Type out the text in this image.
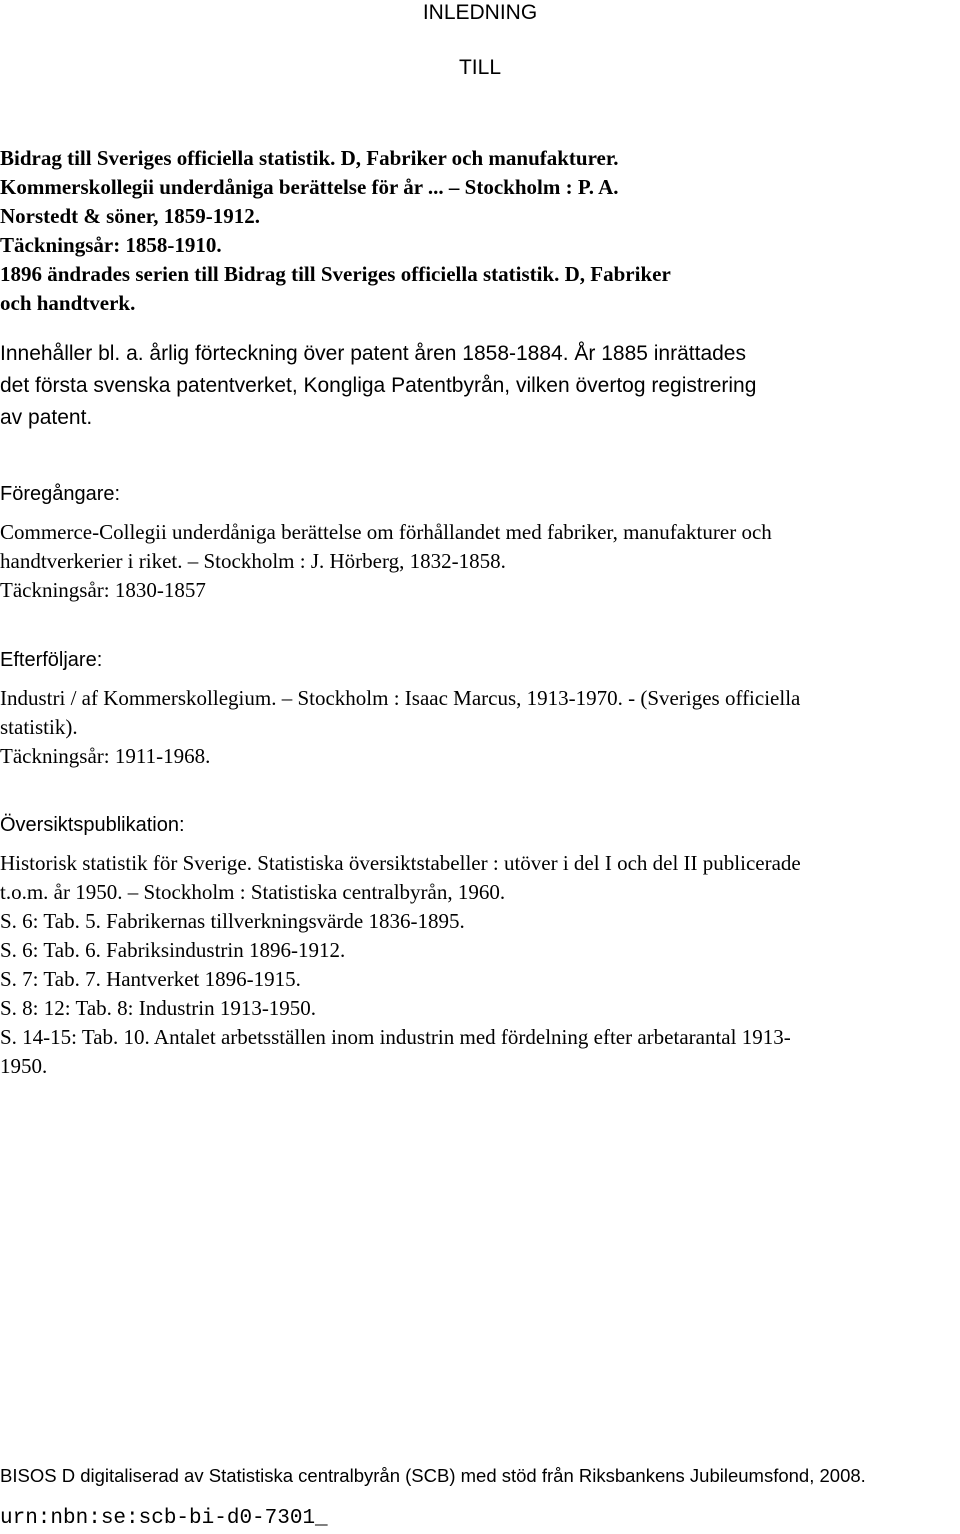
INLEDNING
TILL
Bidrag till Sveriges officiella statistik. D, Fabriker och manufakturer.
Kommerskollegii underdåniga berättelse för år ... – Stockholm : P. A.
Norstedt & söner, 1859-1912.
Täckningsår: 1858-1910.
1896 ändrades serien till Bidrag till Sveriges officiella statistik. D, Fabriker
och handtverk.
Innehåller bl. a. årlig förteckning över patent åren 1858-1884. År 1885 inrättades
det första svenska patentverket, Kongliga Patentbyrån, vilken övertog registrering
av patent.
Föregångare:
Commerce-Collegii underdåniga berättelse om förhållandet med fabriker, manufakturer och
handtverkerier i riket. – Stockholm : J. Hörberg, 1832-1858.
Täckningsår: 1830-1857
Efterföljare:
Industri / af Kommerskollegium. – Stockholm : Isaac Marcus, 1913-1970. - (Sveriges officiella
statistik).
Täckningsår: 1911-1968.
Översiktspublikation:
Historisk statistik för Sverige. Statistiska översiktstabeller : utöver i del I och del II publicerade
t.o.m. år 1950. – Stockholm : Statistiska centralbyrån, 1960.
S. 6: Tab. 5. Fabrikernas tillverkningsvärde 1836-1895.
S. 6: Tab. 6. Fabriksindustrin 1896-1912.
S. 7: Tab. 7. Hantverket 1896-1915.
S. 8: 12: Tab. 8: Industrin 1913-1950.
S. 14-15: Tab. 10. Antalet arbetsställen inom industrin med fördelning efter arbetarantal 1913-
1950.
BISOS D digitaliserad av Statistiska centralbyrån (SCB) med stöd från Riksbankens Jubileumsfond, 2008.
urn:nbn:se:scb-bi-d0-7301_
